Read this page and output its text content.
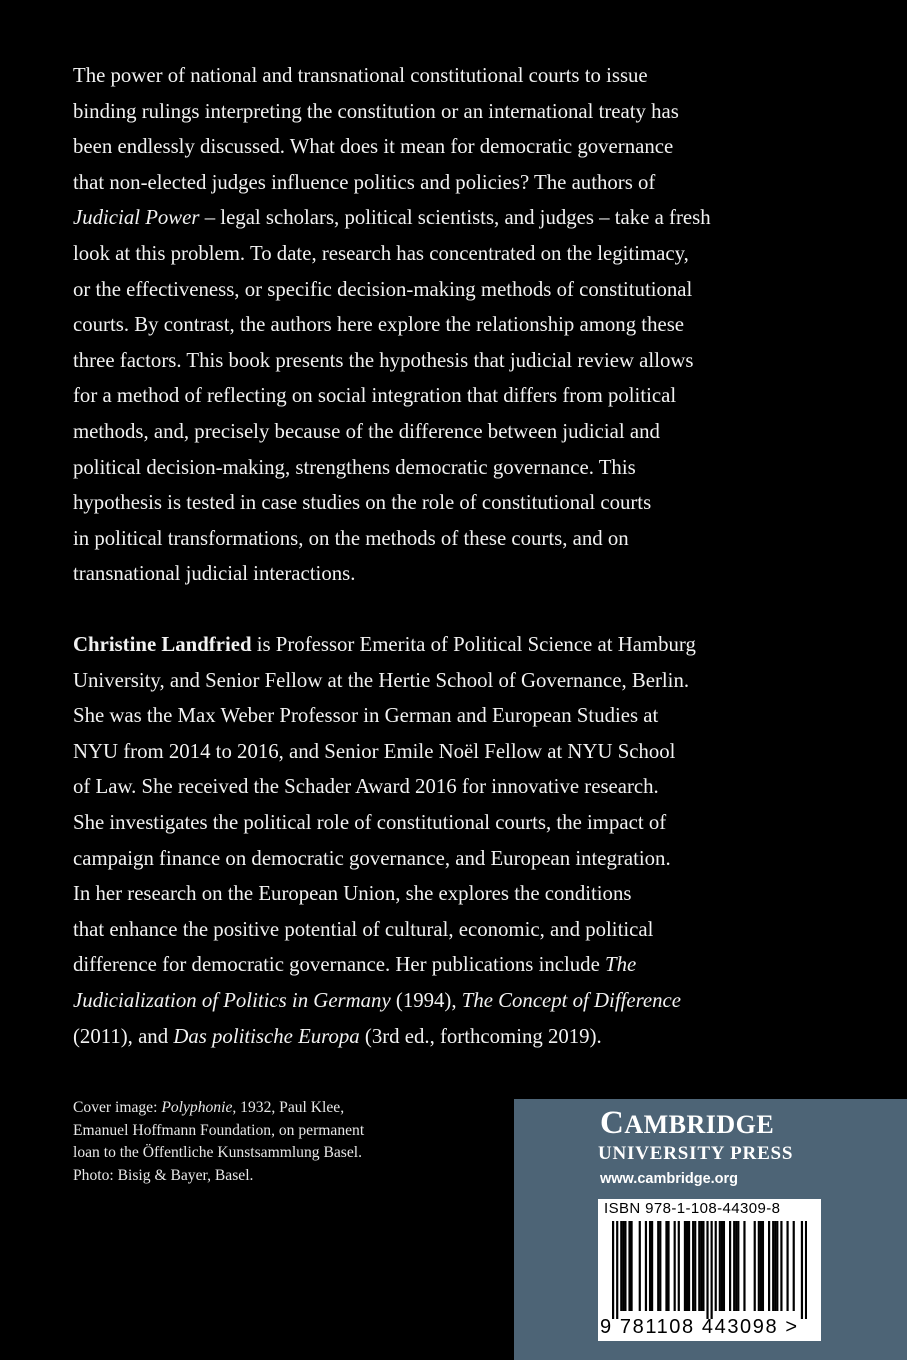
The power of national and transnational constitutional courts to issue
binding rulings interpreting the constitution or an international treaty has
been endlessly discussed. What does it mean for democratic governance
that non-elected judges influence politics and policies? The authors of
Judicial Power – legal scholars, political scientists, and judges – take a fresh
look at this problem. To date, research has concentrated on the legitimacy,
or the effectiveness, or specific decision-making methods of constitutional
courts. By contrast, the authors here explore the relationship among these
three factors. This book presents the hypothesis that judicial review allows
for a method of reflecting on social integration that differs from political
methods, and, precisely because of the difference between judicial and
political decision-making, strengthens democratic governance. This
hypothesis is tested in case studies on the role of constitutional courts
in political transformations, on the methods of these courts, and on
transnational judicial interactions.
Christine Landfried is Professor Emerita of Political Science at Hamburg
University, and Senior Fellow at the Hertie School of Governance, Berlin.
She was the Max Weber Professor in German and European Studies at
NYU from 2014 to 2016, and Senior Emile Noël Fellow at NYU School
of Law. She received the Schader Award 2016 for innovative research.
She investigates the political role of constitutional courts, the impact of
campaign finance on democratic governance, and European integration.
In her research on the European Union, she explores the conditions
that enhance the positive potential of cultural, economic, and political
difference for democratic governance. Her publications include The
Judicialization of Politics in Germany (1994), The Concept of Difference
(2011), and Das politische Europa (3rd ed., forthcoming 2019).
Cover image: Polyphonie, 1932, Paul Klee,
Emanuel Hoffmann Foundation, on permanent
loan to the Öffentliche Kunstsammlung Basel.
Photo: Bisig & Bayer, Basel.
CAMBRIDGE
UNIVERSITY PRESS
www.cambridge.org
ISBN 978-1-108-44309-8
9 781108 443098 >
